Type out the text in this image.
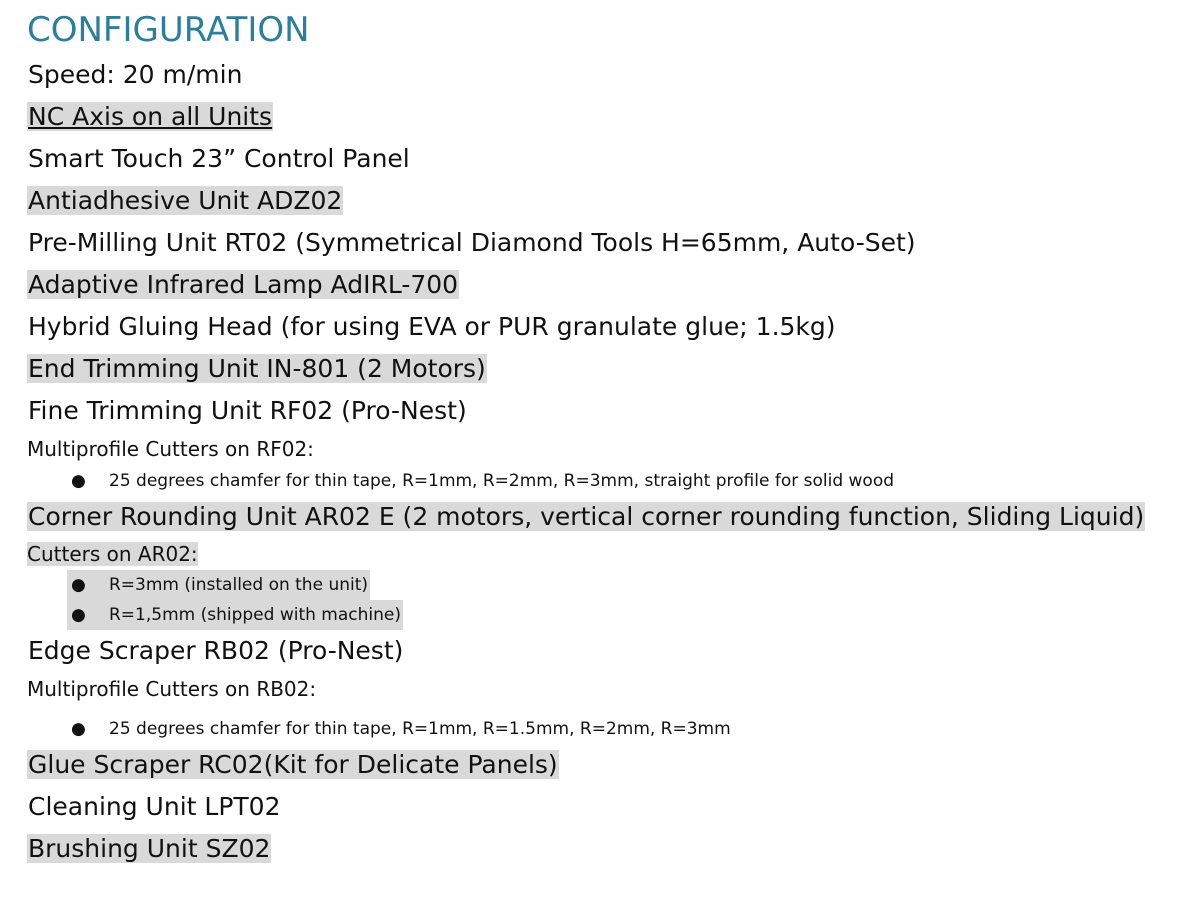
CONFIGURATION
Speed: 20 m/min
NC Axis on all Units
Smart Touch 23” Control Panel
Antiadhesive Unit ADZ02
Pre-Milling Unit RT02 (Symmetrical Diamond Tools H=65mm, Auto-Set)
Adaptive Infrared Lamp AdIRL-700
Hybrid Gluing Head (for using EVA or PUR granulate glue; 1.5kg)
End Trimming Unit IN-801 (2 Motors)
Fine Trimming Unit RF02 (Pro-Nest)
Multiprofile Cutters on RF02:
● 25 degrees chamfer for thin tape, R=1mm, R=2mm, R=3mm, straight profile for solid wood
Corner Rounding Unit AR02 E (2 motors, vertical corner rounding function, Sliding Liquid)
Cutters on AR02:
● R=3mm (installed on the unit)
● R=1,5mm (shipped with machine)
Edge Scraper RB02 (Pro-Nest)
Multiprofile Cutters on RB02:
● 25 degrees chamfer for thin tape, R=1mm, R=1.5mm, R=2mm, R=3mm
Glue Scraper RC02(Kit for Delicate Panels)
Cleaning Unit LPT02
Brushing Unit SZ02
